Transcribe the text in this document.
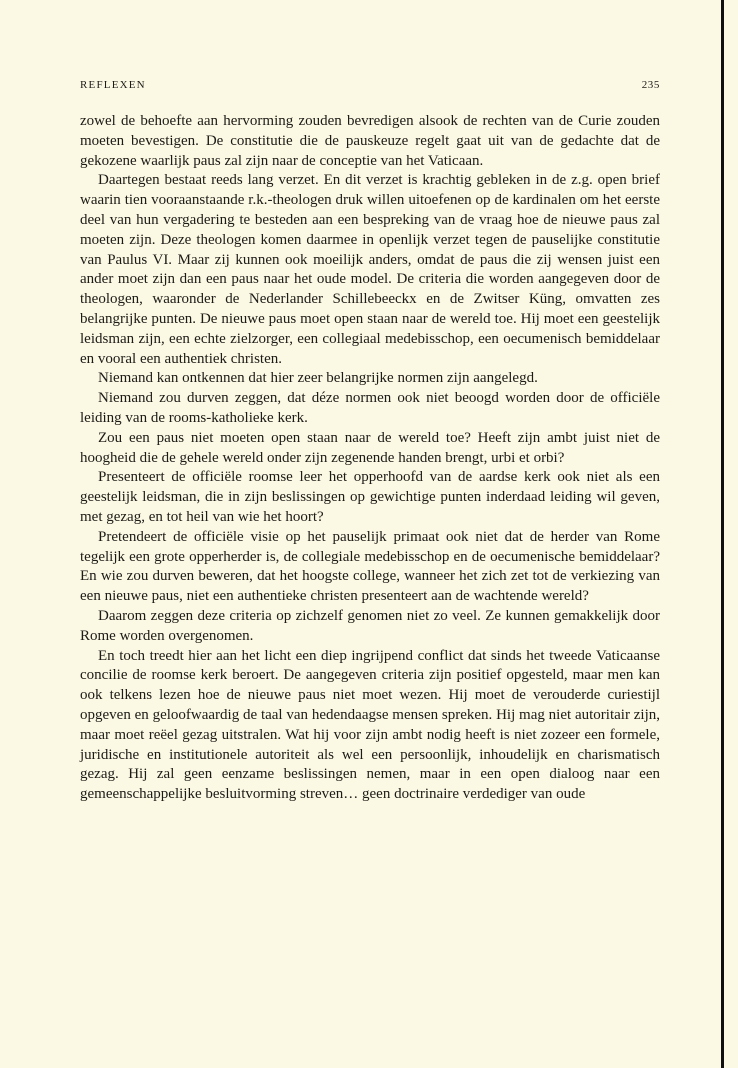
REFLEXEN	235

zowel de behoefte aan hervorming zouden bevredigen alsook de rechten van de Curie zouden moeten bevestigen. De constitutie die de pauskeuze regelt gaat uit van de gedachte dat de gekozene waarlijk paus zal zijn naar de conceptie van het Vaticaan.

Daartegen bestaat reeds lang verzet. En dit verzet is krachtig gebleken in de z.g. open brief waarin tien vooraanstaande r.k.-theologen druk willen uitoefenen op de kardinalen om het eerste deel van hun vergadering te besteden aan een bespreking van de vraag hoe de nieuwe paus zal moeten zijn. Deze theologen komen daarmee in openlijk verzet tegen de pauselijke constitutie van Paulus VI. Maar zij kunnen ook moeilijk anders, omdat de paus die zij wensen juist een ander moet zijn dan een paus naar het oude model. De criteria die worden aangegeven door de theologen, waaronder de Nederlander Schillebeeckx en de Zwitser Küng, omvatten zes belangrijke punten. De nieuwe paus moet open staan naar de wereld toe. Hij moet een geestelijk leidsman zijn, een echte zielzorger, een collegiaal medebisschop, een oecumenisch bemiddelaar en vooral een authentiek christen.

Niemand kan ontkennen dat hier zeer belangrijke normen zijn aangelegd.

Niemand zou durven zeggen, dat déze normen ook niet beoogd worden door de officiële leiding van de rooms-katholieke kerk.

Zou een paus niet moeten open staan naar de wereld toe? Heeft zijn ambt juist niet de hoogheid die de gehele wereld onder zijn zegenende handen brengt, urbi et orbi?

Presenteert de officiële roomse leer het opperhoofd van de aardse kerk ook niet als een geestelijk leidsman, die in zijn beslissingen op gewichtige punten inderdaad leiding wil geven, met gezag, en tot heil van wie het hoort?

Pretendeert de officiële visie op het pauselijk primaat ook niet dat de herder van Rome tegelijk een grote opperherder is, de collegiale medebisschop en de oecumenische bemiddelaar? En wie zou durven beweren, dat het hoogste college, wanneer het zich zet tot de verkiezing van een nieuwe paus, niet een authentieke christen presenteert aan de wachtende wereld?

Daarom zeggen deze criteria op zichzelf genomen niet zo veel. Ze kunnen gemakkelijk door Rome worden overgenomen.

En toch treedt hier aan het licht een diep ingrijpend conflict dat sinds het tweede Vaticaanse concilie de roomse kerk beroert. De aangegeven criteria zijn positief opgesteld, maar men kan ook telkens lezen hoe de nieuwe paus niet moet wezen. Hij moet de verouderde curiestijl opgeven en geloofwaardig de taal van hedendaagse mensen spreken. Hij mag niet autoritair zijn, maar moet reëel gezag uitstralen. Wat hij voor zijn ambt nodig heeft is niet zozeer een formele, juridische en institutionele autoriteit als wel een persoonlijk, inhoudelijk en charismatisch gezag. Hij zal geen eenzame beslissingen nemen, maar in een open dialoog naar een gemeenschappelijke besluitvorming streven… geen doctrinaire verdediger van oude
